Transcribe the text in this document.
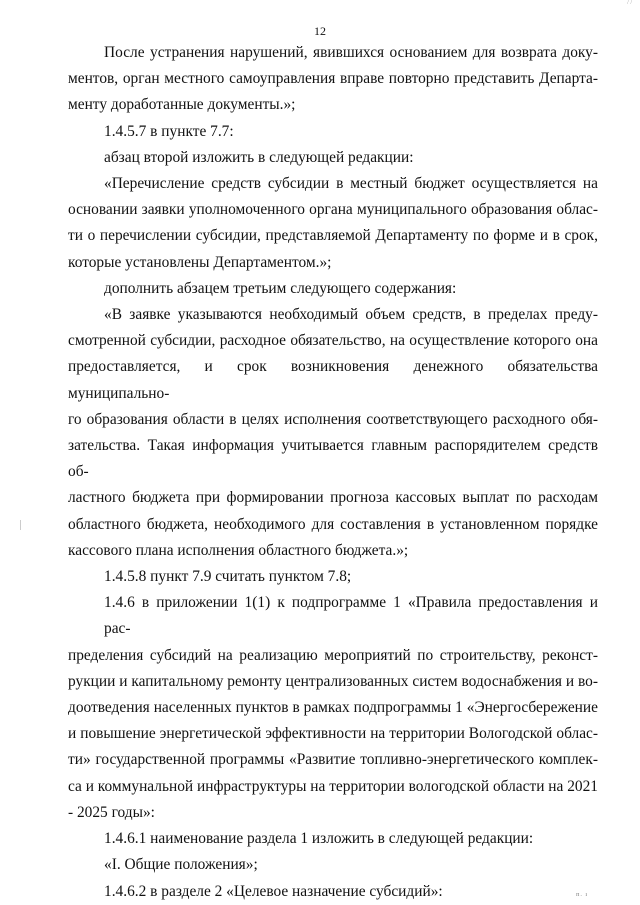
12
/ /
После устранения нарушений, явившихся основанием для возврата доку-
ментов, орган местного самоуправления вправе повторно представить Департа-
менту доработанные документы.»;
1.4.5.7 в пункте 7.7:
абзац второй изложить в следующей редакции:
«Перечисление средств субсидии в местный бюджет осуществляется на
основании заявки уполномоченного органа муниципального образования облас-
ти о перечислении субсидии, представляемой Департаменту по форме и в срок,
которые установлены Департаментом.»;
дополнить абзацем третьим следующего содержания:
«В заявке указываются необходимый объем средств, в пределах преду-
смотренной субсидии, расходное обязательство, на осуществление которого она
предоставляется, и срок возникновения денежного обязательства муниципально-
го образования области в целях исполнения соответствующего расходного обя-
зательства. Такая информация учитывается главным распорядителем средств об-
ластного бюджета при формировании прогноза кассовых выплат по расходам
областного бюджета, необходимого для составления в установленном порядке
кассового плана исполнения областного бюджета.»;
1.4.5.8 пункт 7.9 считать пунктом 7.8;
1.4.6 в приложении 1(1) к подпрограмме 1 «Правила предоставления и рас-
пределения субсидий на реализацию мероприятий по строительству, реконст-
рукции и капитальному ремонту централизованных систем водоснабжения и во-
доотведения населенных пунктов в рамках подпрограммы 1 «Энергосбережение
и повышение энергетической эффективности на территории Вологодской облас-
ти» государственной программы «Развитие топливно-энергетического комплек-
са и коммунальной инфраструктуры на территории вологодской области на 2021
- 2025 годы»:
1.4.6.1 наименование раздела 1 изложить в следующей редакции:
«I. Общие положения»;
1.4.6.2 в разделе 2 «Целевое назначение субсидий»:	п. ı
